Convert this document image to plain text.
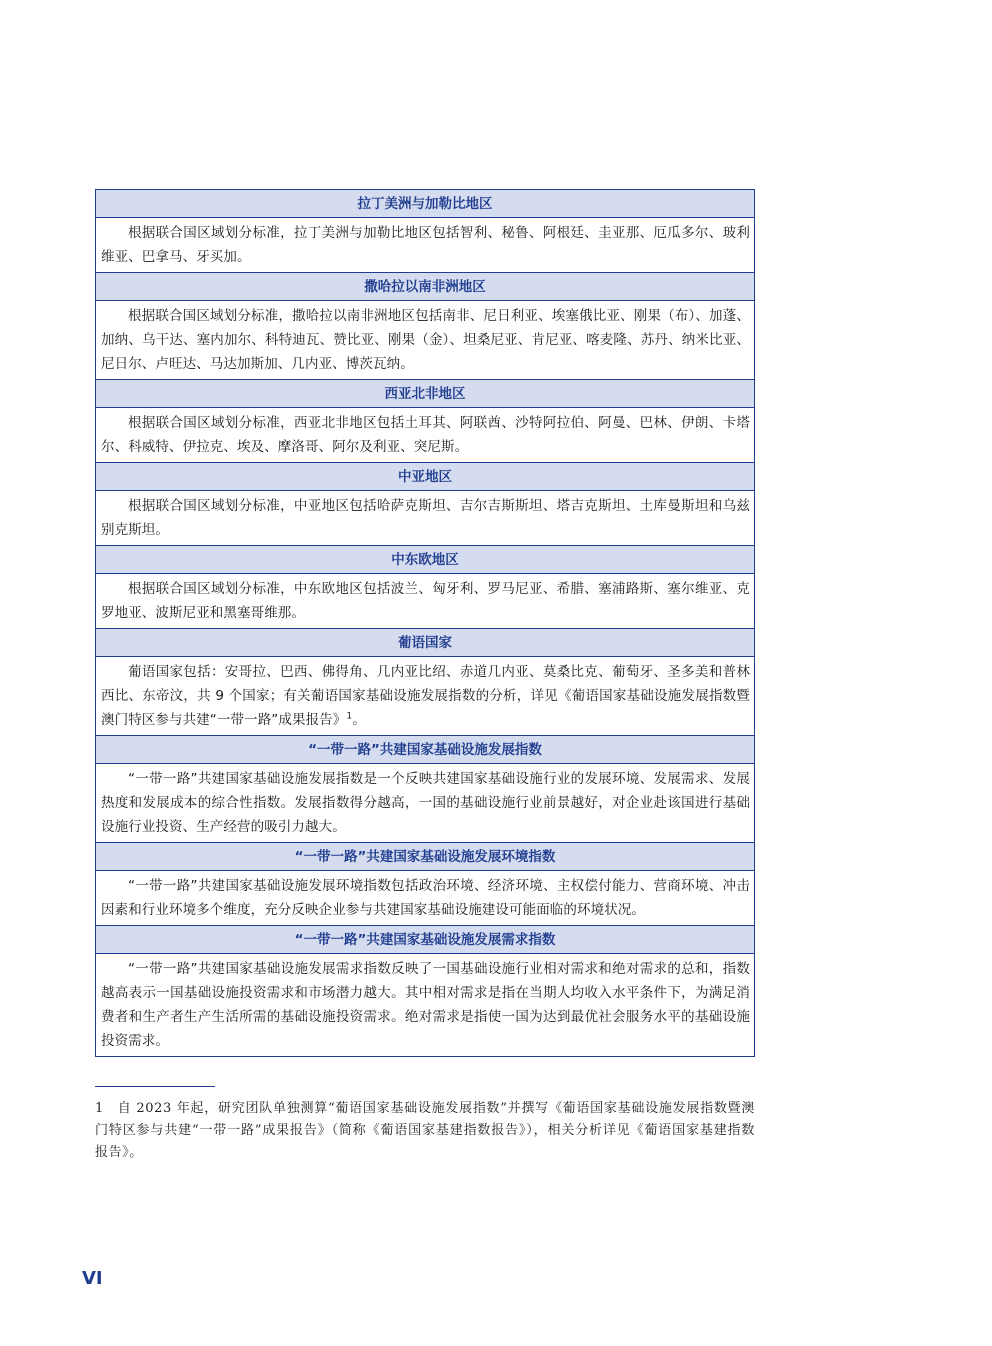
拉丁美洲与加勒比地区
根据联合国区域划分标准，拉丁美洲与加勒比地区包括智利、秘鲁、阿根廷、圭亚那、厄瓜多尔、玻利维亚、巴拿马、牙买加。
撒哈拉以南非洲地区
根据联合国区域划分标准，撒哈拉以南非洲地区包括南非、尼日利亚、埃塞俄比亚、刚果（布）、加蓬、加纳、乌干达、塞内加尔、科特迪瓦、赞比亚、刚果（金）、坦桑尼亚、肯尼亚、喀麦隆、苏丹、纳米比亚、尼日尔、卢旺达、马达加斯加、几内亚、博茨瓦纳。
西亚北非地区
根据联合国区域划分标准，西亚北非地区包括土耳其、阿联酋、沙特阿拉伯、阿曼、巴林、伊朗、卡塔尔、科威特、伊拉克、埃及、摩洛哥、阿尔及利亚、突尼斯。
中亚地区
根据联合国区域划分标准，中亚地区包括哈萨克斯坦、吉尔吉斯斯坦、塔吉克斯坦、土库曼斯坦和乌兹别克斯坦。
中东欧地区
根据联合国区域划分标准，中东欧地区包括波兰、匈牙利、罗马尼亚、希腊、塞浦路斯、塞尔维亚、克罗地亚、波斯尼亚和黑塞哥维那。
葡语国家
葡语国家包括：安哥拉、巴西、佛得角、几内亚比绍、赤道几内亚、莫桑比克、葡萄牙、圣多美和普林西比、东帝汶，共 9 个国家；有关葡语国家基础设施发展指数的分析，详见《葡语国家基础设施发展指数暨澳门特区参与共建“一带一路”成果报告》$^1$。
“一带一路”共建国家基础设施发展指数
“一带一路”共建国家基础设施发展指数是一个反映共建国家基础设施行业的发展环境、发展需求、发展热度和发展成本的综合性指数。发展指数得分越高，一国的基础设施行业前景越好，对企业赴该国进行基础设施行业投资、生产经营的吸引力越大。
“一带一路”共建国家基础设施发展环境指数
“一带一路”共建国家基础设施发展环境指数包括政治环境、经济环境、主权偿付能力、营商环境、冲击因素和行业环境多个维度，充分反映企业参与共建国家基础设施建设可能面临的环境状况。
“一带一路”共建国家基础设施发展需求指数
“一带一路”共建国家基础设施发展需求指数反映了一国基础设施行业相对需求和绝对需求的总和，指数越高表示一国基础设施投资需求和市场潜力越大。其中相对需求是指在当期人均收入水平条件下，为满足消费者和生产者生产生活所需的基础设施投资需求。绝对需求是指使一国为达到最优社会服务水平的基础设施投资需求。
1　自 2023 年起，研究团队单独测算“葡语国家基础设施发展指数”并撰写《葡语国家基础设施发展指数暨澳门特区参与共建“一带一路”成果报告》（简称《葡语国家基建指数报告》），相关分析详见《葡语国家基建指数报告》。
VI
